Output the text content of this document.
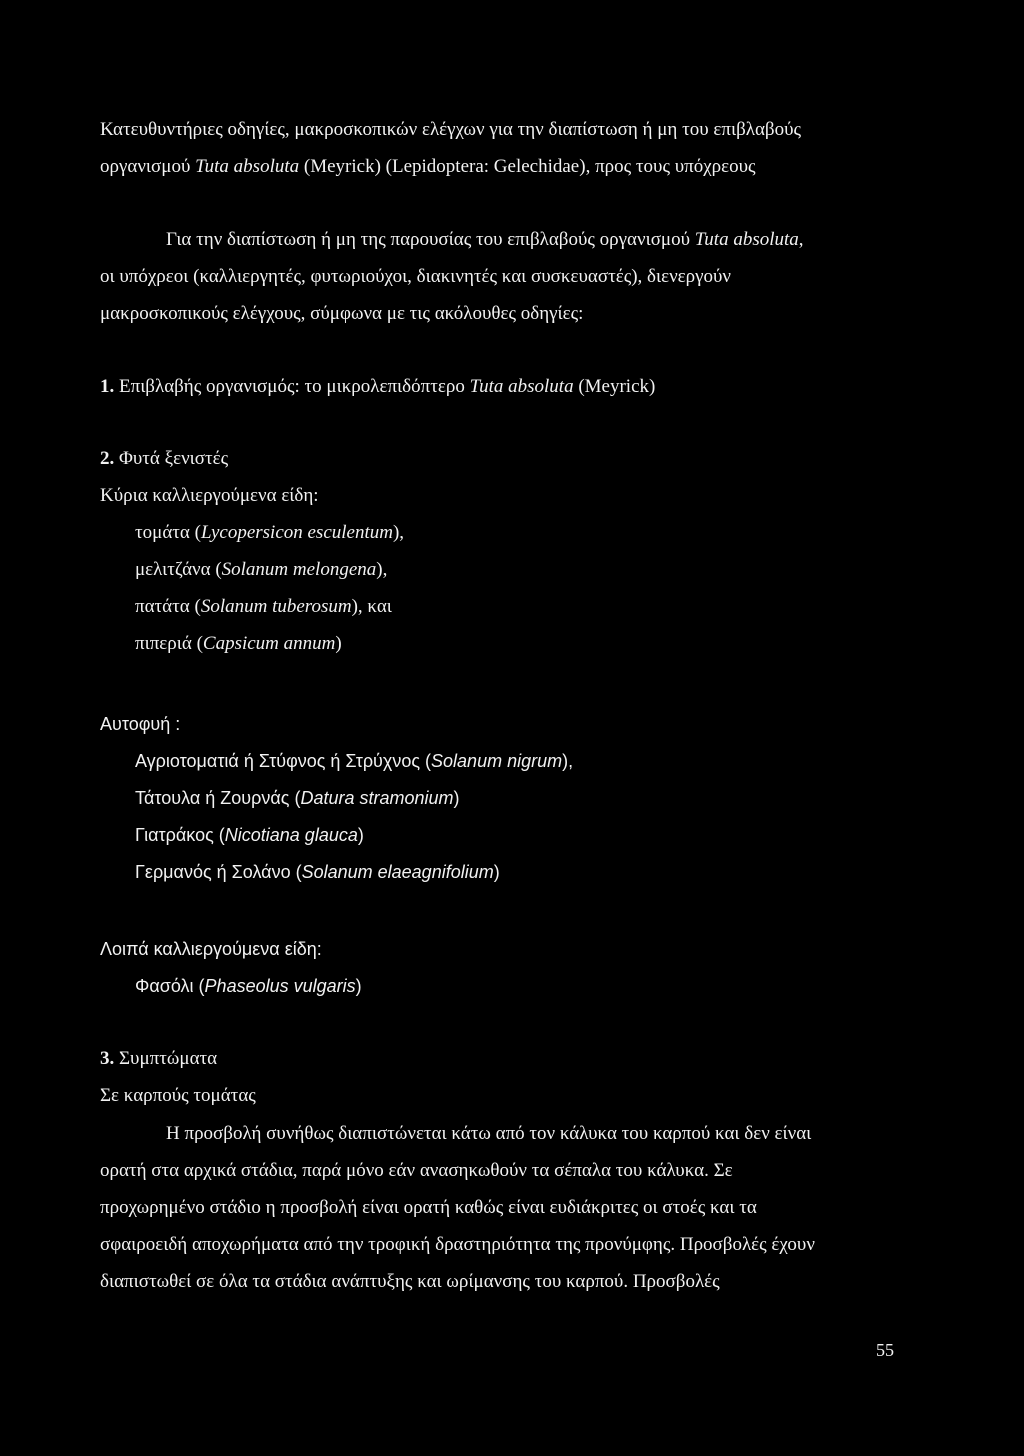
Κατευθυντήριες οδηγίες, μακροσκοπικών ελέγχων για την διαπίστωση ή μη του επιβλαβούς
οργανισμού Tuta absoluta (Meyrick) (Lepidoptera: Gelechidae), προς τους υπόχρεους
Για την διαπίστωση ή μη της παρουσίας του επιβλαβούς οργανισμού Tuta absoluta,
οι υπόχρεοι (καλλιεργητές, φυτωριούχοι, διακινητές και συσκευαστές), διενεργούν
μακροσκοπικούς ελέγχους, σύμφωνα με τις ακόλουθες οδηγίες:
1. Επιβλαβής οργανισμός: το μικρολεπιδόπτερο Tuta absoluta (Meyrick)
2. Φυτά ξενιστές
Κύρια καλλιεργούμενα είδη:
τομάτα (Lycopersicon esculentum),
μελιτζάνα (Solanum melongena),
πατάτα (Solanum tuberosum), και
πιπεριά (Capsicum annum)
Αυτοφυή :
Αγριοτοματιά ή Στύφνος ή Στρύχνος (Solanum nigrum),
Τάτουλα ή Ζουρνάς (Datura stramonium)
Γιατράκος (Nicotiana glauca)
Γερμανός ή Σολάνο (Solanum elaeagnifolium)
Λοιπά καλλιεργούμενα είδη:
Φασόλι (Phaseolus vulgaris)
3. Συμπτώματα
Σε καρπούς τομάτας
Η προσβολή συνήθως διαπιστώνεται κάτω από τον κάλυκα του καρπού και δεν είναι
ορατή στα αρχικά στάδια, παρά μόνο εάν ανασηκωθούν τα σέπαλα του κάλυκα. Σε
προχωρημένο στάδιο η προσβολή είναι ορατή καθώς είναι ευδιάκριτες οι στοές και τα
σφαιροειδή αποχωρήματα από την τροφική δραστηριότητα της προνύμφης. Προσβολές έχουν
διαπιστωθεί σε όλα τα στάδια ανάπτυξης και ωρίμανσης του καρπού. Προσβολές
55
